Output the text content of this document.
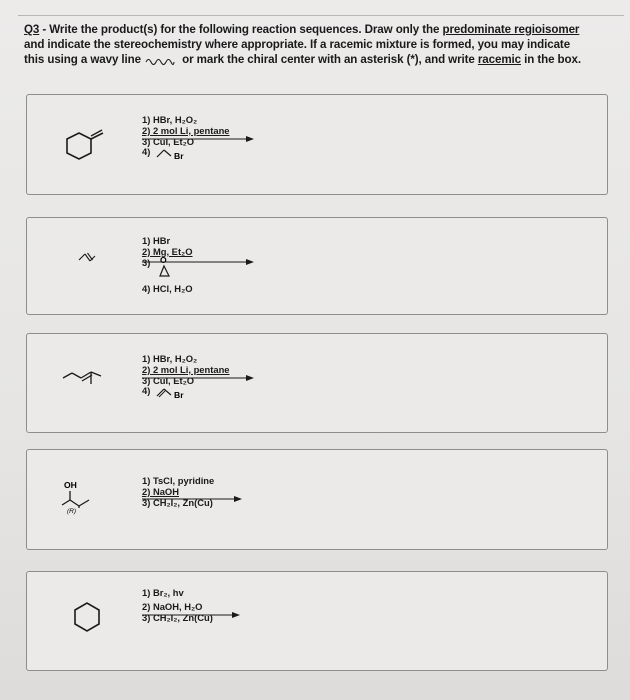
Q3 - Write the product(s) for the following reaction sequences. Draw only the predominate regioisomer and indicate the stereochemistry where appropriate. If a racemic mixture is formed, you may indicate this using a wavy line	or mark the chiral center with an asterisk (*), and write racemic in the box.
1) HBr, H₂O₂
2) 2 mol Li, pentane
3) CuI, Et₂O
4)	Br
1) HBr
2) Mg, Et₂O
3) O
4) HCl, H₂O
1) HBr, H₂O₂
2) 2 mol Li, pentane
3) CuI, Et₂O
4)	Br
OH
(R)
1) TsCl, pyridine
2) NaOH
3) CH₂I₂, Zn(Cu)
1) Br₂, hv
2) NaOH, H₂O
3) CH₂I₂, Zn(Cu)
